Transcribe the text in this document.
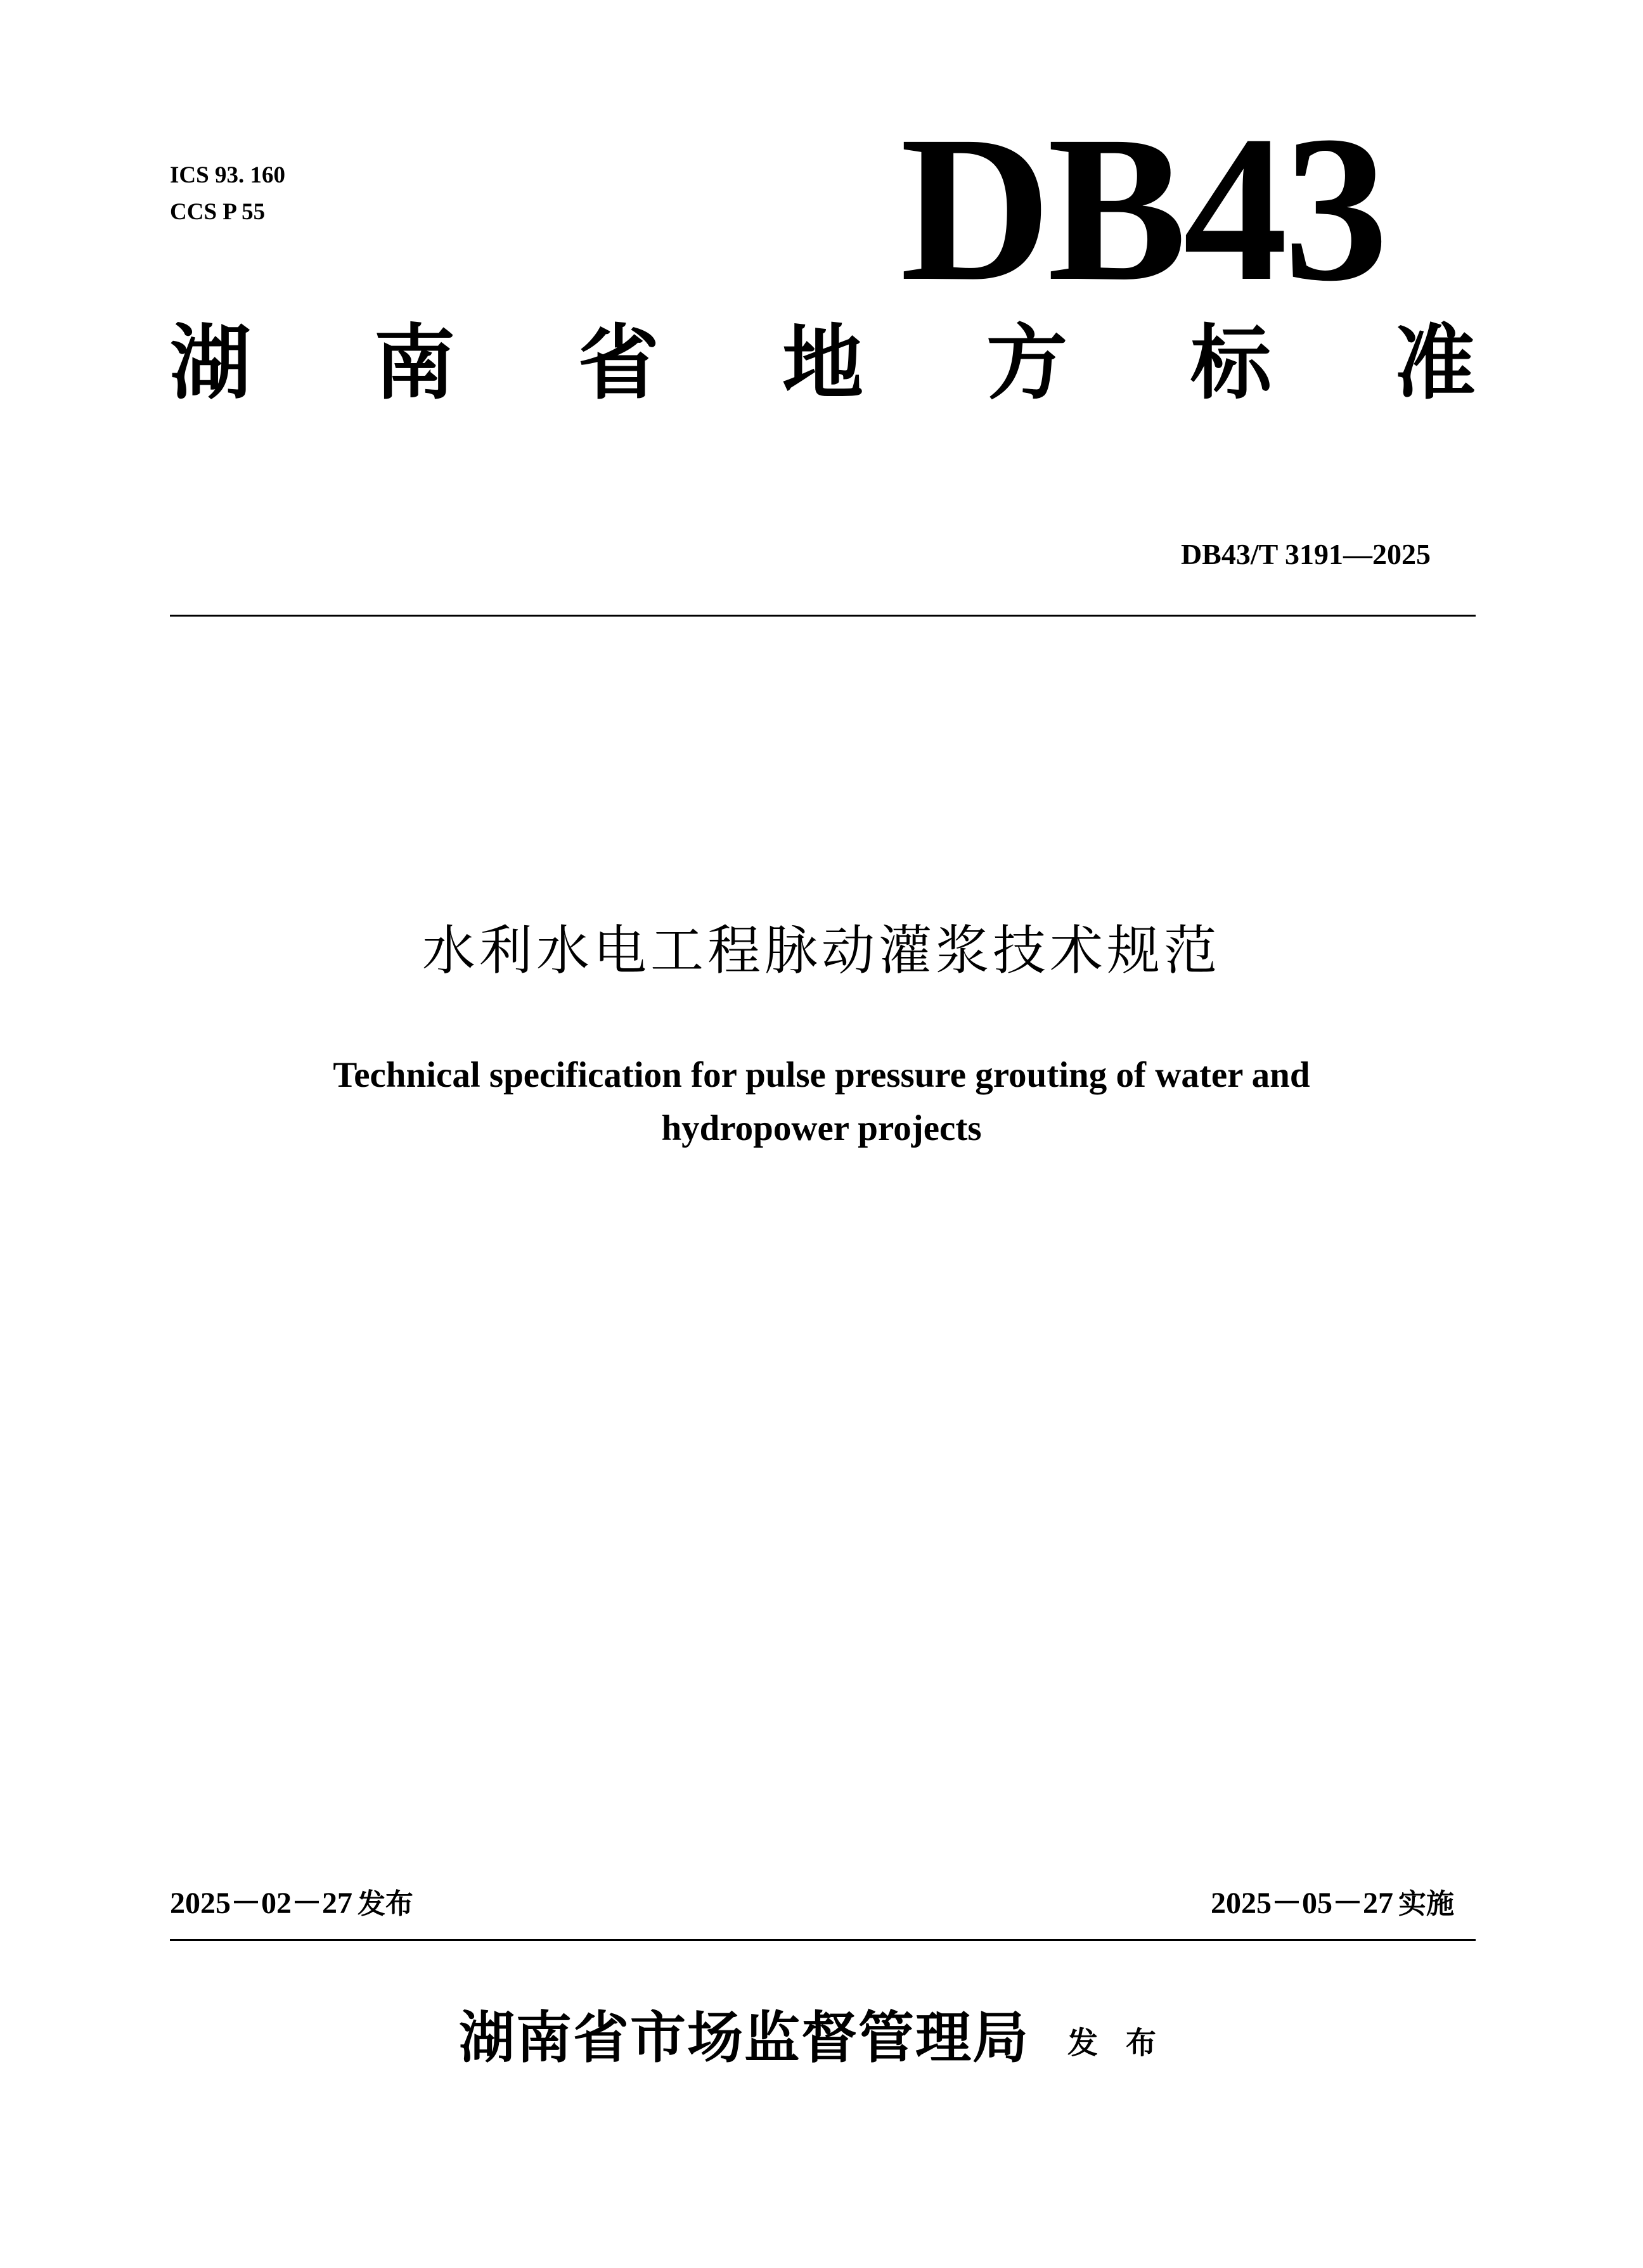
ICS 93. 160
CCS P 55	DB43
湖 南 省 地 方 标 准
DB43/T 3191—2025
水利水电工程脉动灌浆技术规范
Technical specification for pulse pressure grouting of water and
hydropower projects
2025－02－27 发布	2025－05－27 实施
湖南省市场监督管理局 发布
